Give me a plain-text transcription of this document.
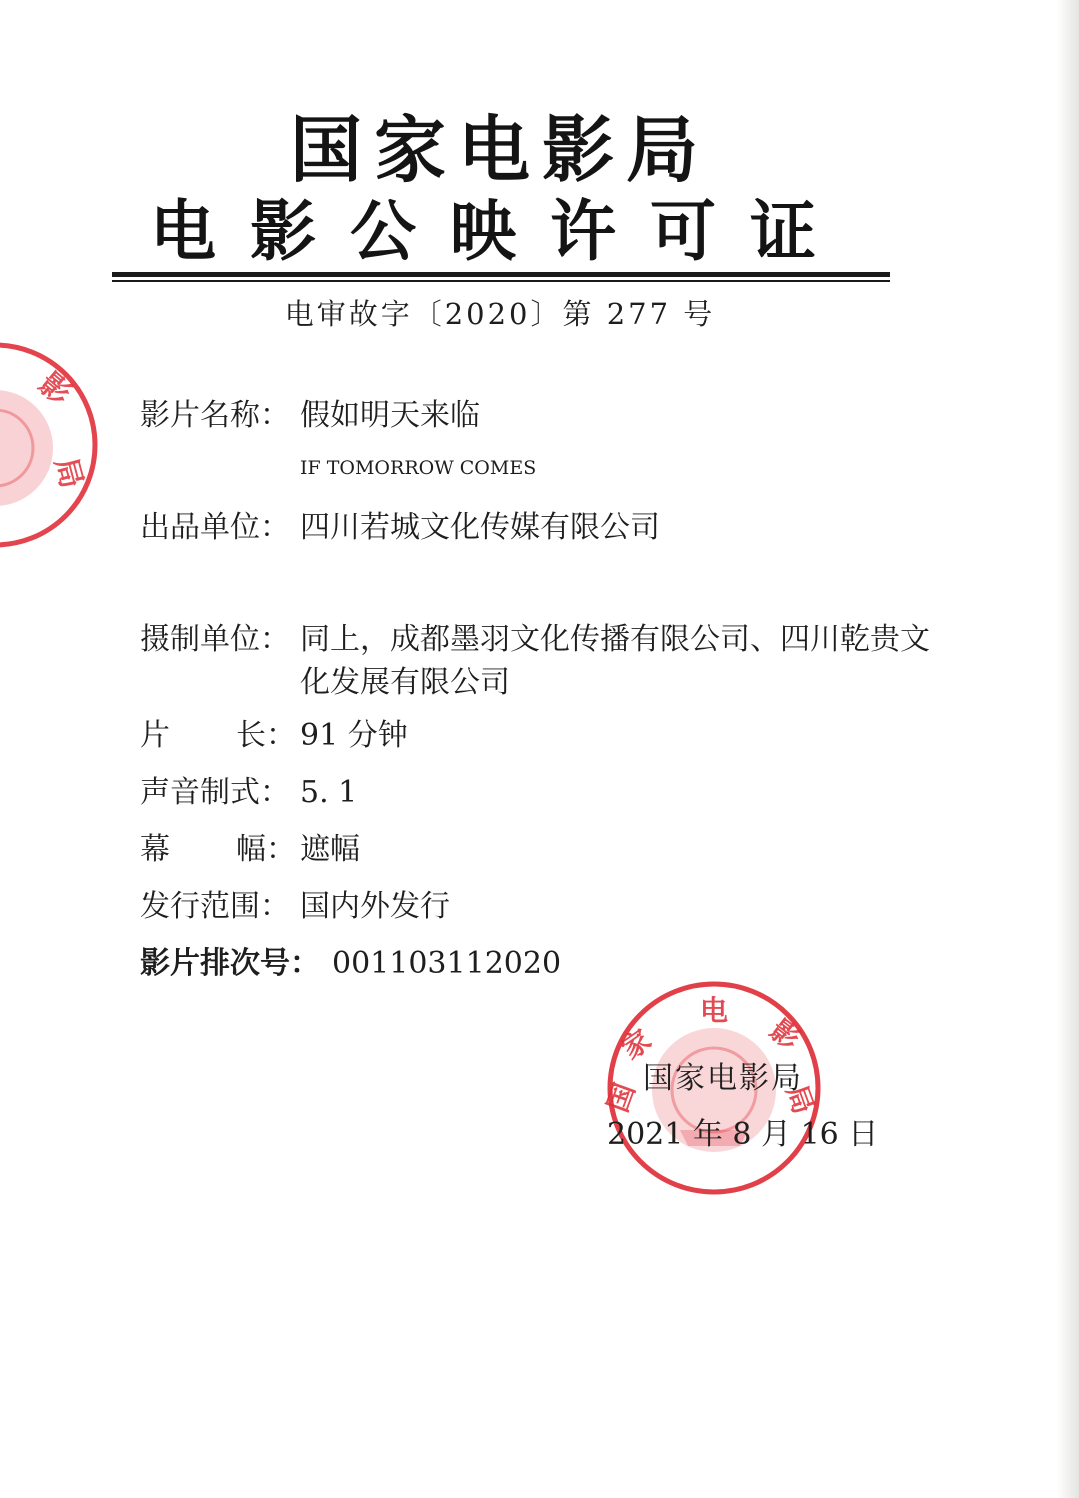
影
局
国家电影局
电影公映许可证
电审故字〔2020〕第 277 号
影片名称： 假如明天来临
IF TOMORROW COMES
出品单位： 四川若城文化传媒有限公司
摄制单位： 同上，成都墨羽文化传播有限公司、四川乾贵文
化发展有限公司
片 长： 91 分钟
声音制式： 5. 1
幕 幅： 遮幅
发行范围： 国内外发行
影片排次号： 001103112020
电
家	影
局
国
国家电影局
2021 年 8 月 16 日
